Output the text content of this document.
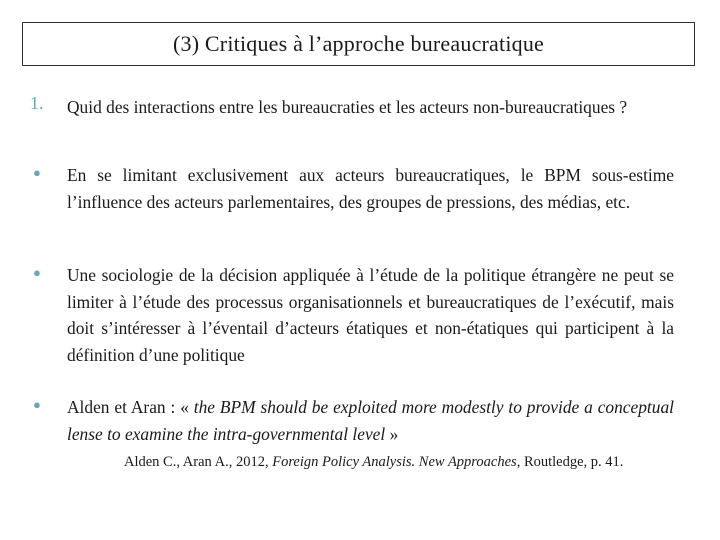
(3) Critiques à l’approche bureaucratique
1. Quid des interactions entre les bureaucraties et les acteurs non-bureaucratiques ?
● En se limitant exclusivement aux acteurs bureaucratiques, le BPM sous-estime l’influence des acteurs parlementaires, des groupes de pressions, des médias, etc.
● Une sociologie de la décision appliquée à l’étude de la politique étrangère ne peut se limiter à l’étude des processus organisationnels et bureaucratiques de l’exécutif, mais doit s’intéresser à l’éventail d’acteurs étatiques et non-étatiques qui participent à la définition d’une politique
● Alden et Aran : « the BPM should be exploited more modestly to provide a conceptual lense to examine the intra-governmental level »
Alden C., Aran A., 2012, Foreign Policy Analysis. New Approaches, Routledge, p. 41.
